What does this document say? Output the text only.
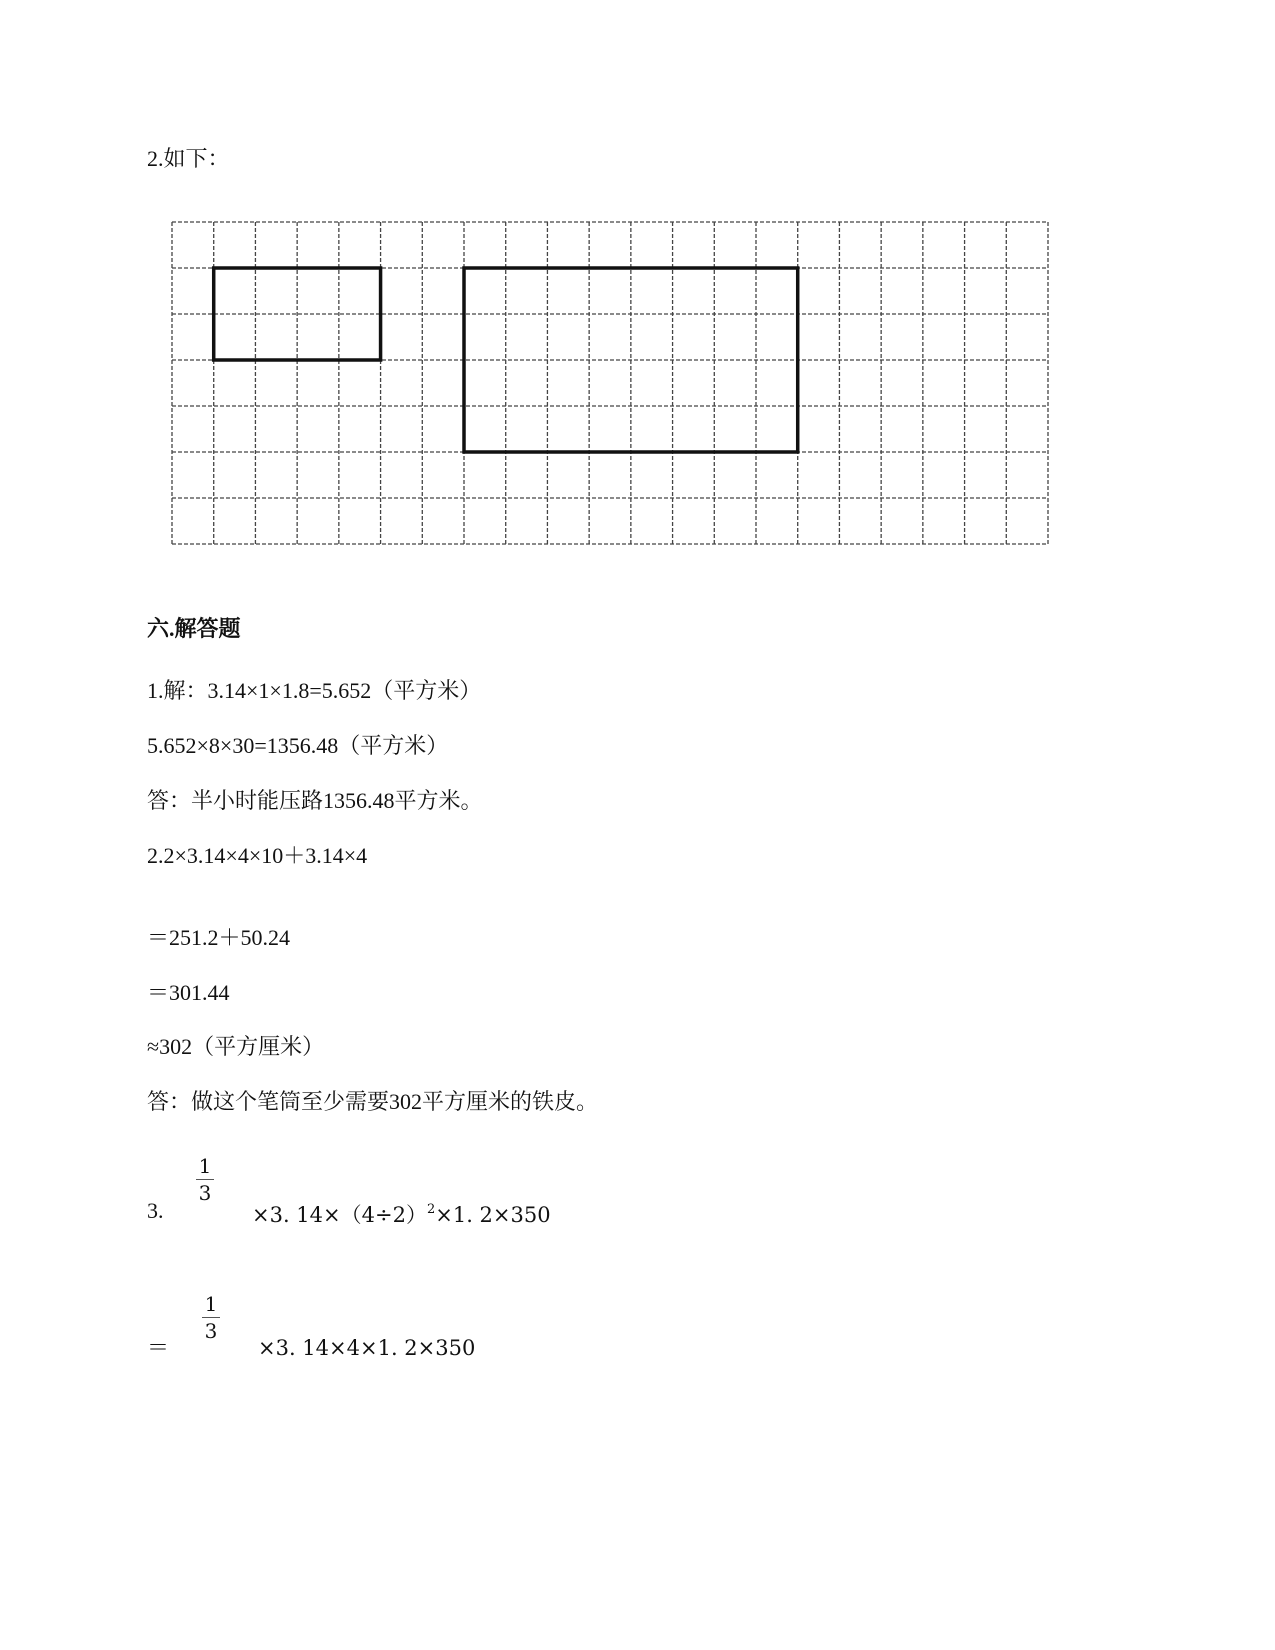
2.如下：
六.解答题
1.解：3.14×1×1.8=5.652（平方米）
5.652×8×30=1356.48（平方米）
答：半小时能压路1356.48平方米。
2.2×3.14×4×10＋3.14×4
＝251.2＋50.24
＝301.44
≈302（平方厘米）
答：做这个笔筒至少需要302平方厘米的铁皮。
3.
1
3
×3. $14\times(4\div 2)^2\times 1$. 2×350
＝
1
3
×3. 14×4×1. 2×350
